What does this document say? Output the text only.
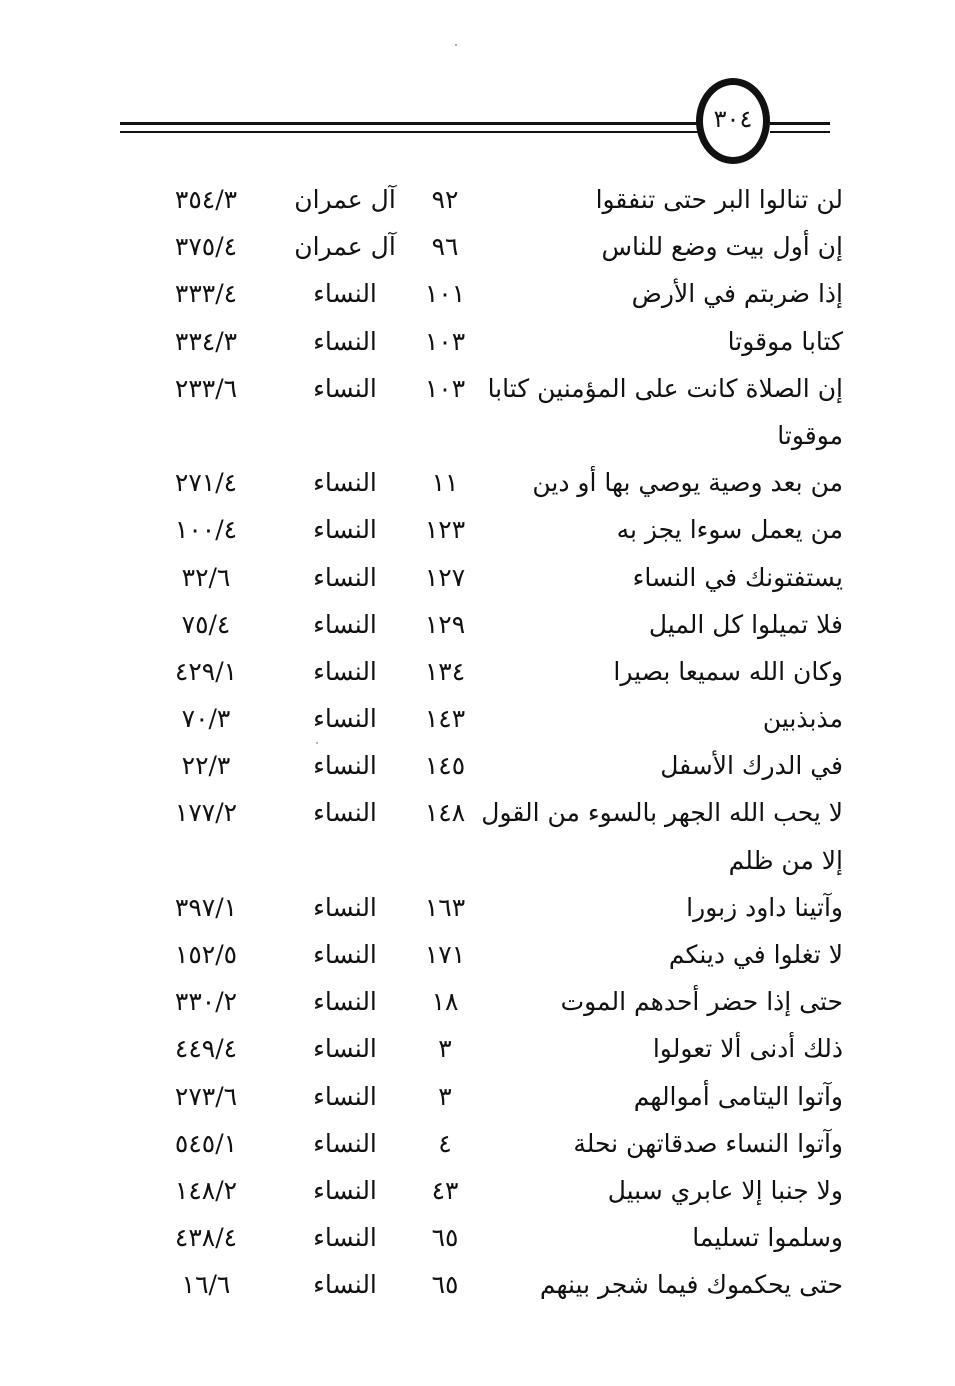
٣٠٤
لن تنالوا البر حتى تنفقوا
٩٢
آل عمران
٣٥٤/٣
إن أول بيت وضع للناس
٩٦
آل عمران
٣٧٥/٤
إذا ضربتم في الأرض
١٠١
النساء
٣٣٣/٤
كتابا موقوتا
١٠٣
النساء
٣٣٤/٣
إن الصلاة كانت على المؤمنين كتابا
١٠٣
النساء
٢٣٣/٦
موقوتا
من بعد وصية يوصي بها أو دين
١١
النساء
٢٧١/٤
من يعمل سوءا يجز به
١٢٣
النساء
١٠٠/٤
يستفتونك في النساء
١٢٧
النساء
٣٢/٦
فلا تميلوا كل الميل
١٢٩
النساء
٧٥/٤
وكان الله سميعا بصيرا
١٣٤
النساء
٤٢٩/١
مذبذبين
١٤٣
النساء
٧٠/٣
في الدرك الأسفل
١٤٥
النساء
٢٢/٣
لا يحب الله الجهر بالسوء من القول
١٤٨
النساء
١٧٧/٢
إلا من ظلم
وآتينا داود زبورا
١٦٣
النساء
٣٩٧/١
لا تغلوا في دينكم
١٧١
النساء
١٥٢/٥
حتى إذا حضر أحدهم الموت
١٨
النساء
٣٣٠/٢
ذلك أدنى ألا تعولوا
٣
النساء
٤٤٩/٤
وآتوا اليتامى أموالهم
٣
النساء
٢٧٣/٦
وآتوا النساء صدقاتهن نحلة
٤
النساء
٥٤٥/١
ولا جنبا إلا عابري سبيل
٤٣
النساء
١٤٨/٢
وسلموا تسليما
٦٥
النساء
٤٣٨/٤
حتى يحكموك فيما شجر بينهم
٦٥
النساء
١٦/٦
